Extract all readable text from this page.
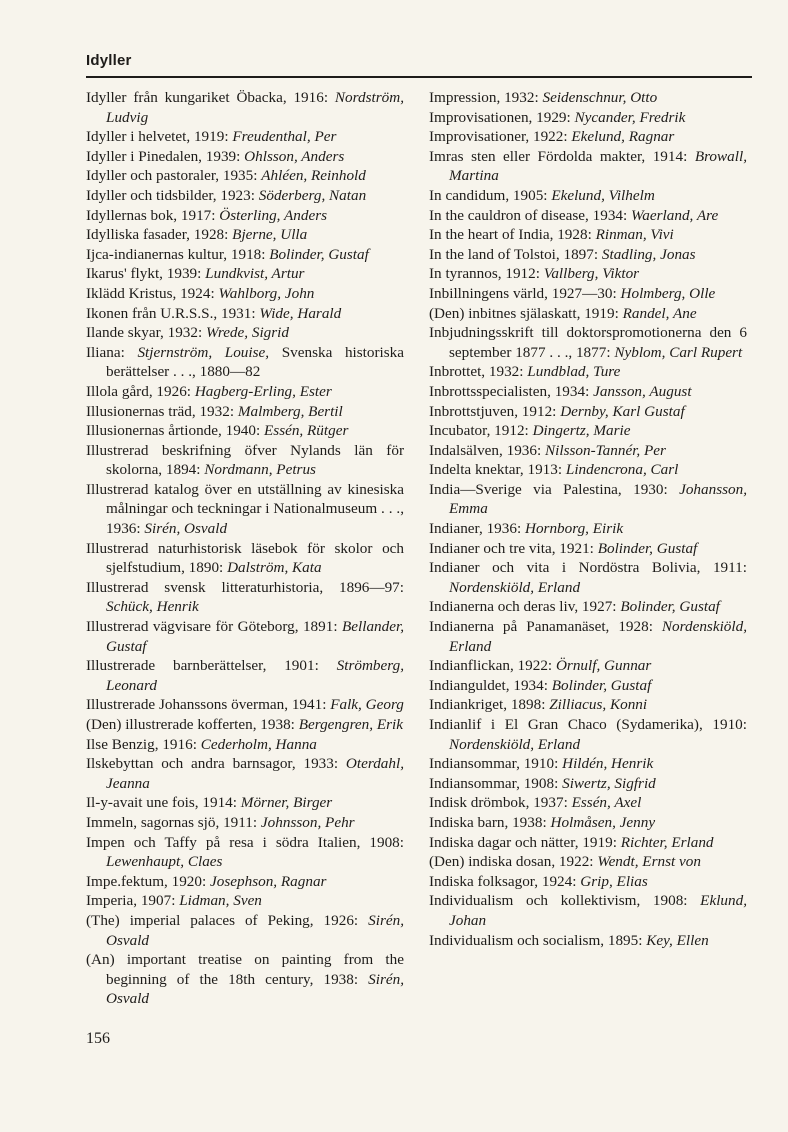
Idyller
Idyller från kungariket Öbacka, 1916: Nordström, Ludvig
Idyller i helvetet, 1919: Freudenthal, Per
Idyller i Pinedalen, 1939: Ohlsson, Anders
Idyller och pastoraler, 1935: Ahléen, Reinhold
Idyller och tidsbilder, 1923: Söderberg, Natan
Idyllernas bok, 1917: Österling, Anders
Idylliska fasader, 1928: Bjerne, Ulla
Ijca-indianernas kultur, 1918: Bolinder, Gustaf
Ikarus' flykt, 1939: Lundkvist, Artur
Iklädd Kristus, 1924: Wahlborg, John
Ikonen från U.R.S.S., 1931: Wide, Harald
Ilande skyar, 1932: Wrede, Sigrid
Iliana: Stjernström, Louise, Svenska historiska berättelser . . ., 1880—82
Illola gård, 1926: Hagberg-Erling, Ester
Illusionernas träd, 1932: Malmberg, Bertil
Illusionernas årtionde, 1940: Essén, Rütger
Illustrerad beskrifning öfver Nylands län för skolorna, 1894: Nordmann, Petrus
Illustrerad katalog över en utställning av kinesiska målningar och teckningar i Nationalmuseum . . ., 1936: Sirén, Osvald
Illustrerad naturhistorisk läsebok för skolor och sjelfstudium, 1890: Dalström, Kata
Illustrerad svensk litteraturhistoria, 1896—97: Schück, Henrik
Illustrerad vägvisare för Göteborg, 1891: Bellander, Gustaf
Illustrerade barnberättelser, 1901: Strömberg, Leonard
Illustrerade Johanssons överman, 1941: Falk, Georg
(Den) illustrerade kofferten, 1938: Bergengren, Erik
Ilse Benzig, 1916: Cederholm, Hanna
Ilskebyttan och andra barnsagor, 1933: Oterdahl, Jeanna
Il-y-avait une fois, 1914: Mörner, Birger
Immeln, sagornas sjö, 1911: Johnsson, Pehr
Impen och Taffy på resa i södra Italien, 1908: Lewenhaupt, Claes
Impe.fektum, 1920: Josephson, Ragnar
Imperia, 1907: Lidman, Sven
(The) imperial palaces of Peking, 1926: Sirén, Osvald
(An) important treatise on painting from the beginning of the 18th century, 1938: Sirén, Osvald
Impression, 1932: Seidenschnur, Otto
Improvisationen, 1929: Nycander, Fredrik
Improvisationer, 1922: Ekelund, Ragnar
Imras sten eller Fördolda makter, 1914: Browall, Martina
In candidum, 1905: Ekelund, Vilhelm
In the cauldron of disease, 1934: Waerland, Are
In the heart of India, 1928: Rinman, Vivi
In the land of Tolstoi, 1897: Stadling, Jonas
In tyrannos, 1912: Vallberg, Viktor
Inbillningens värld, 1927—30: Holmberg, Olle
(Den) inbitnes själaskatt, 1919: Randel, Ane
Inbjudningsskrift till doktorspromotionerna den 6 september 1877 . . ., 1877: Nyblom, Carl Rupert
Inbrottet, 1932: Lundblad, Ture
Inbrottsspecialisten, 1934: Jansson, August
Inbrottstjuven, 1912: Dernby, Karl Gustaf
Incubator, 1912: Dingertz, Marie
Indalsälven, 1936: Nilsson-Tannér, Per
Indelta knektar, 1913: Lindencrona, Carl
India—Sverige via Palestina, 1930: Johansson, Emma
Indianer, 1936: Hornborg, Eirik
Indianer och tre vita, 1921: Bolinder, Gustaf
Indianer och vita i Nordöstra Bolivia, 1911: Nordenskiöld, Erland
Indianerna och deras liv, 1927: Bolinder, Gustaf
Indianerna på Panamanäset, 1928: Nordenskiöld, Erland
Indianflickan, 1922: Örnulf, Gunnar
Indianguldet, 1934: Bolinder, Gustaf
Indiankriget, 1898: Zilliacus, Konni
Indianlif i El Gran Chaco (Sydamerika), 1910: Nordenskiöld, Erland
Indiansommar, 1910: Hildén, Henrik
Indiansommar, 1908: Siwertz, Sigfrid
Indisk drömbok, 1937: Essén, Axel
Indiska barn, 1938: Holmåsen, Jenny
Indiska dagar och nätter, 1919: Richter, Erland
(Den) indiska dosan, 1922: Wendt, Ernst von
Indiska folksagor, 1924: Grip, Elias
Individualism och kollektivism, 1908: Eklund, Johan
Individualism och socialism, 1895: Key, Ellen
156
